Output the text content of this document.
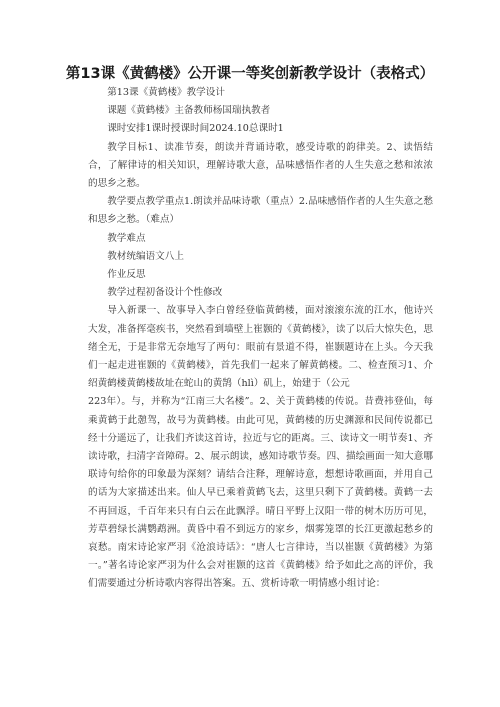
第13课《黄鹤楼》公开课一等奖创新教学设计（表格式）

第13课《黄鹤楼》教学设计

课题《黄鹤楼》主备教师杨国瑞执教者

课时安排1课时授课时间2024.10总课时1

教学目标1、读准节奏，朗读并背诵诗歌，感受诗歌的韵律美。2、读悟结合，了解律诗的相关知识，理解诗歌大意，品味感悟作者的人生失意之愁和浓浓的思乡之愁。

教学要点教学重点1.朗读并品味诗歌（重点）2.品味感悟作者的人生失意之愁和思乡之愁。（难点）

教学难点

教材统编语文八上

作业反思

教学过程初备设计个性修改

导入新课一、故事导入李白曾经登临黄鹤楼，面对滚滚东流的江水，他诗兴大发，准备挥毫疾书，突然看到墙壁上崔颢的《黄鹤楼》，读了以后大惊失色，思绪全无，于是非常无奈地写了两句：眼前有景道不得，崔颢题诗在上头。今天我们一起走进崔颢的《黄鹤楼》，首先我们一起来了解黄鹤楼。二、检查预习1、介绍黄鹤楼黄鹤楼故址在蛇山的黄鹄（hlì）矶上，始建于（公元

223年）。与，并称为“江南三大名楼”。2、关于黄鹤楼的传说。昔费祎登仙，每乘黄鹤于此憩驾，故号为黄鹤楼。由此可见，黄鹤楼的历史渊源和民间传说都已经十分遥远了，让我们齐读这首诗，拉近与它的距离。三、读诗文一明节奏1、齐读诗歌，扫清字音障碍。2、展示朗读，感知诗歌节奏。四、描绘画面一知大意哪联诗句给你的印象最为深刻？请结合注释，理解诗意，想想诗歌画面，并用自己的话为大家描述出来。仙人早已乘着黄鹤飞去，这里只剩下了黄鹤楼。黄鹤一去不再回返，千百年来只有白云在此飘浮。晴日平野上汉阳一带的树木历历可见，芳草碧绿长满鹦鹉洲。黄昏中看不到远方的家乡，烟雾笼罩的长江更激起愁乡的哀愁。南宋诗论家严羽《沧浪诗话》：“唐人七言律诗，当以崔颢《黄鹤楼》为第一。”著名诗论家严羽为什么会对崔颢的这首《黄鹤楼》给予如此之高的评价，我们需要通过分析诗歌内容得出答案。五、赏析诗歌一明情感小组讨论：
